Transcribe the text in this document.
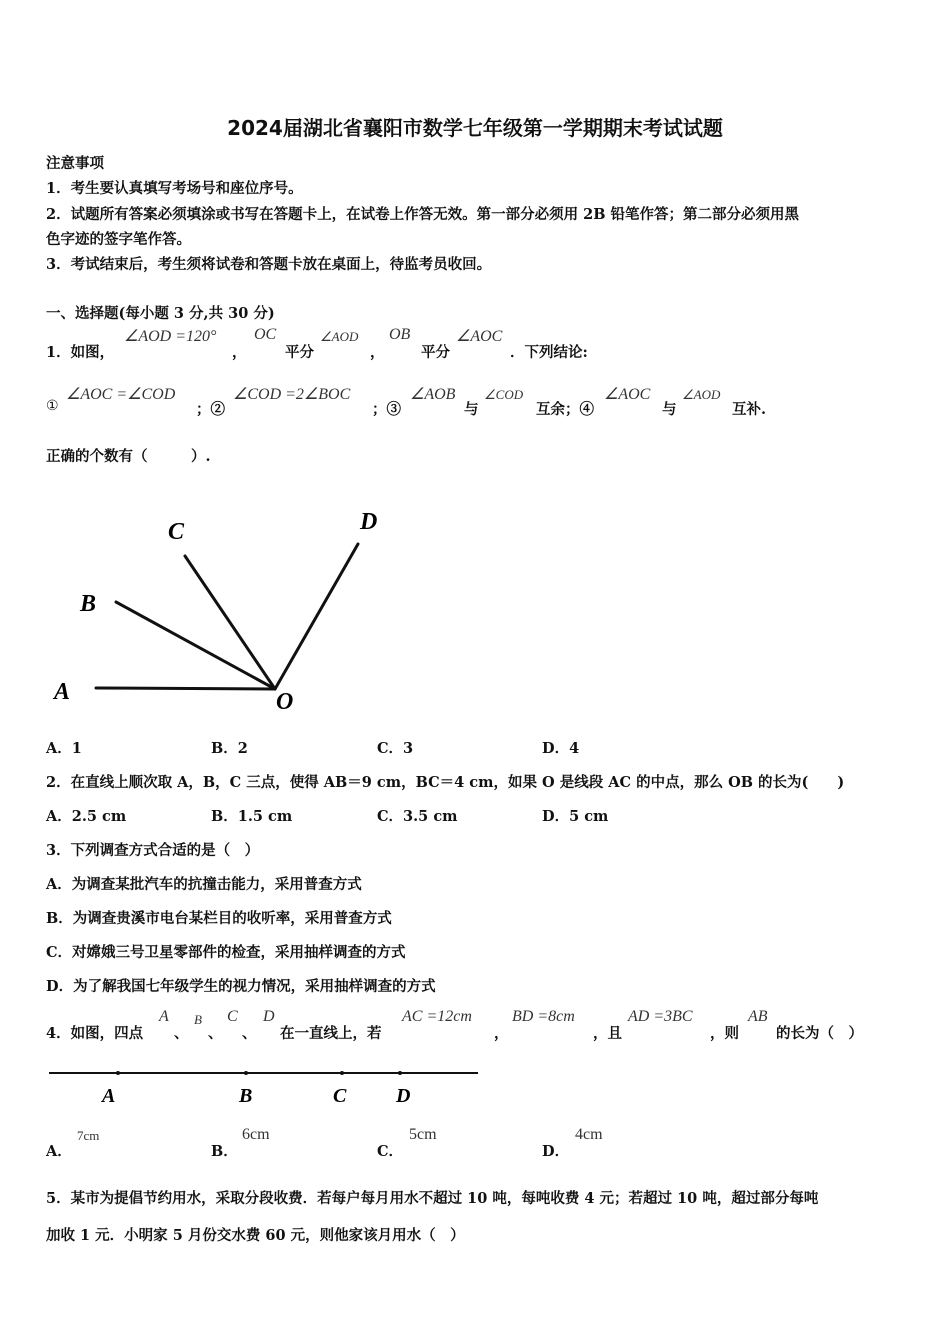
2024届湖北省襄阳市数学七年级第一学期期末考试试题
注意事项
1．考生要认真填写考场号和座位序号。
2．试题所有答案必须填涂或书写在答题卡上，在试卷上作答无效。第一部分必须用 2B 铅笔作答；第二部分必须用黑
色字迹的签字笔作答。
3．考试结束后，考生须将试卷和答题卡放在桌面上，待监考员收回。
一、选择题(每小题 3 分,共 30 分)
1．如图，
∠AOD =120°
，
OC
平分
∠AOD
，
OB
平分
∠AOC
．下列结论:
①
∠AOC =∠COD
；②
∠COD =2∠BOC
；③
∠AOB
与
∠COD
互余；④
∠AOC
与
∠AOD
互补.
正确的个数有（　　　）.
A
B
C	D
O
A．1	B．2	C．3	D．4
2．在直线上顺次取 A，B，C 三点，使得 AB＝9 cm，BC＝4 cm，如果 O 是线段 AC 的中点，那么 OB 的长为(　　)
A．2.5 cm	B．1.5 cm	C．3.5 cm	D．5 cm
3．下列调查方式合适的是（　）
A．为调查某批汽车的抗撞击能力，采用普查方式
B．为调查贵溪市电台某栏目的收听率，采用普查方式
C．对嫦娥三号卫星零部件的检查，采用抽样调查的方式
D．为了解我国七年级学生的视力情况，采用抽样调查的方式
4．如图，四点
A
、
B
、
C
、
D
在一直线上，若
AC =12cm
，
BD =8cm
，且
AD =3BC
，则
AB
的长为（　）
A	B	C D
A．
7cm
B．
6cm
C．
5cm
D．
4cm
5．某市为提倡节约用水，采取分段收费．若每户每月用水不超过 10 吨，每吨收费 4 元；若超过 10 吨，超过部分每吨
加收 1 元．小明家 5 月份交水费 60 元，则他家该月用水（　）
